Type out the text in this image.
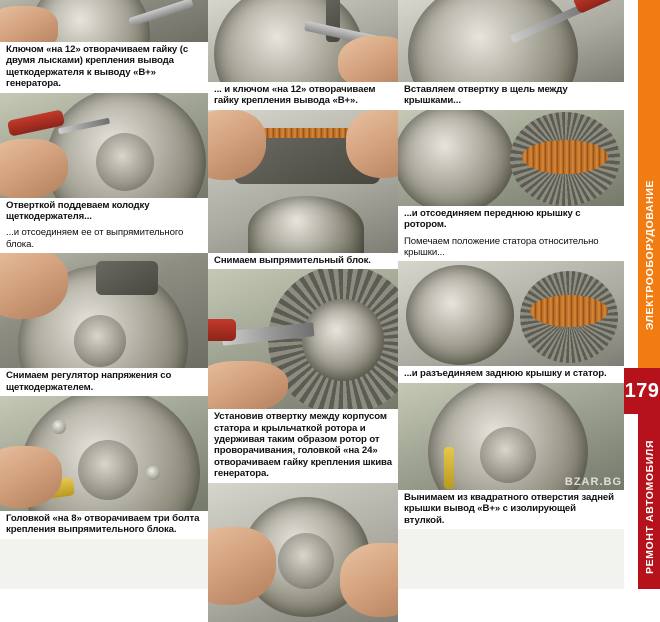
Ключом «на 12» отворачиваем гайку (с двумя лысками) крепления вывода щеткодержателя к выводу «В+» генератора.
Отверткой поддеваем колодку щеткодержателя...
...и отсоединяем ее от выпрямительного блока.
Снимаем регулятор напряжения со щеткодержателем.
Головкой «на 8» отворачиваем три болта крепления выпрямительного блока.
... и ключом «на 12» отворачиваем гайку крепления вывода «В+».
Снимаем выпрямительный блок.
Установив отвертку между корпусом статора и крыльчаткой ротора и удерживая таким образом ротор от проворачивания, головкой «на 24» отворачиваем гайку крепления шкива генератора.
Вставляем отвертку в щель между крышками...
...и отсоединяем переднюю крышку с ротором.
Помечаем положение статора относительно крышки...
...и разъединяем заднюю крышку и статор.
BZAR.BG
Вынимаем из квадратного отверстия задней крышки вывод «В+» с изолирующей втулкой.
ЭЛЕКТРООБОРУДОВАНИЕ
РЕМОНТ АВТОМОБИЛЯ
179
